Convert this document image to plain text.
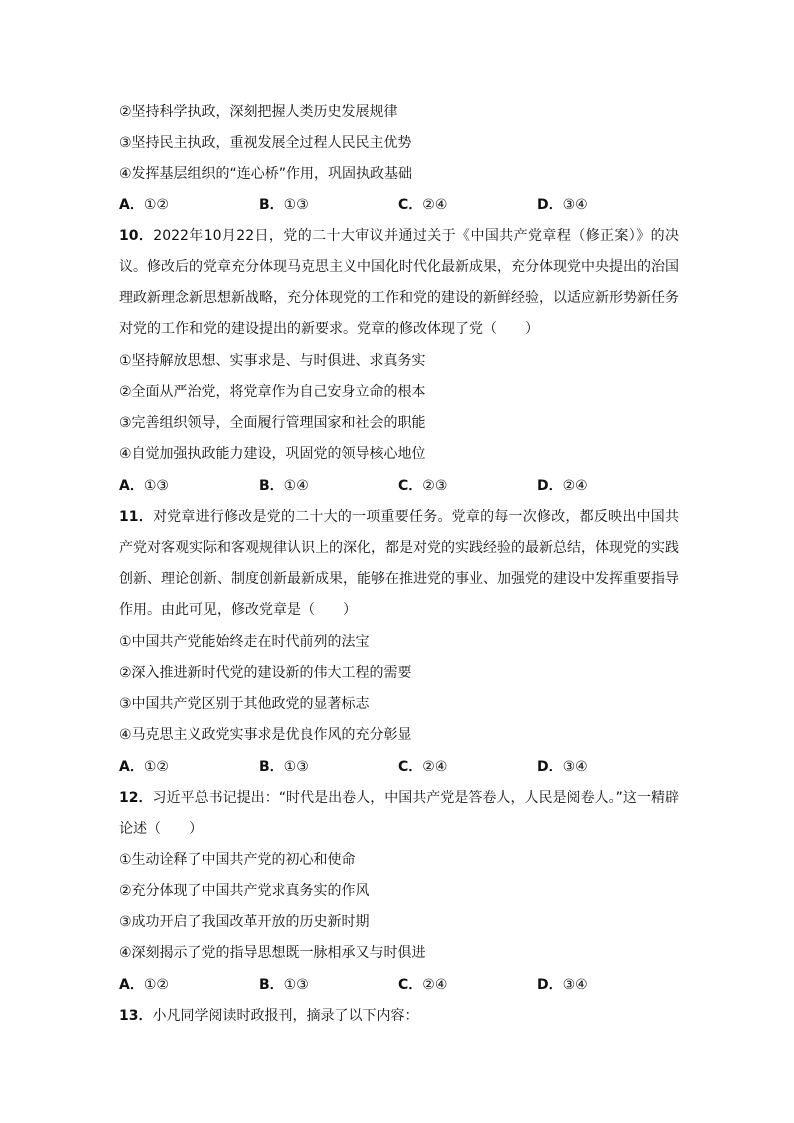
②坚持科学执政，深刻把握人类历史发展规律
③坚持民主执政，重视发展全过程人民民主优势
④发挥基层组织的“连心桥”作用，巩固执政基础
A．①②	B．①③	C．②④	D．③④
10．2022年10月22日，党的二十大审议并通过关于《中国共产党章程（修正案）》的决议。修改后的党章充分体现马克思主义中国化时代化最新成果，充分体现党中央提出的治国理政新理念新思想新战略，充分体现党的工作和党的建设的新鲜经验，以适应新形势新任务对党的工作和党的建设提出的新要求。党章的修改体现了党（　　）
①坚持解放思想、实事求是、与时俱进、求真务实
②全面从严治党，将党章作为自己安身立命的根本
③完善组织领导，全面履行管理国家和社会的职能
④自觉加强执政能力建设，巩固党的领导核心地位
A．①③	B．①④	C．②③	D．②④
11．对党章进行修改是党的二十大的一项重要任务。党章的每一次修改，都反映出中国共产党对客观实际和客观规律认识上的深化，都是对党的实践经验的最新总结，体现党的实践创新、理论创新、制度创新最新成果，能够在推进党的事业、加强党的建设中发挥重要指导作用。由此可见，修改党章是（　　）
①中国共产党能始终走在时代前列的法宝
②深入推进新时代党的建设新的伟大工程的需要
③中国共产党区别于其他政党的显著标志
④马克思主义政党实事求是优良作风的充分彰显
A．①②	B．①③	C．②④	D．③④
12．习近平总书记提出：“时代是出卷人，中国共产党是答卷人，人民是阅卷人。”这一精辟论述（　　）
①生动诠释了中国共产党的初心和使命
②充分体现了中国共产党求真务实的作风
③成功开启了我国改革开放的历史新时期
④深刻揭示了党的指导思想既一脉相承又与时俱进
A．①②	B．①③	C．②④	D．③④
13．小凡同学阅读时政报刊，摘录了以下内容：
